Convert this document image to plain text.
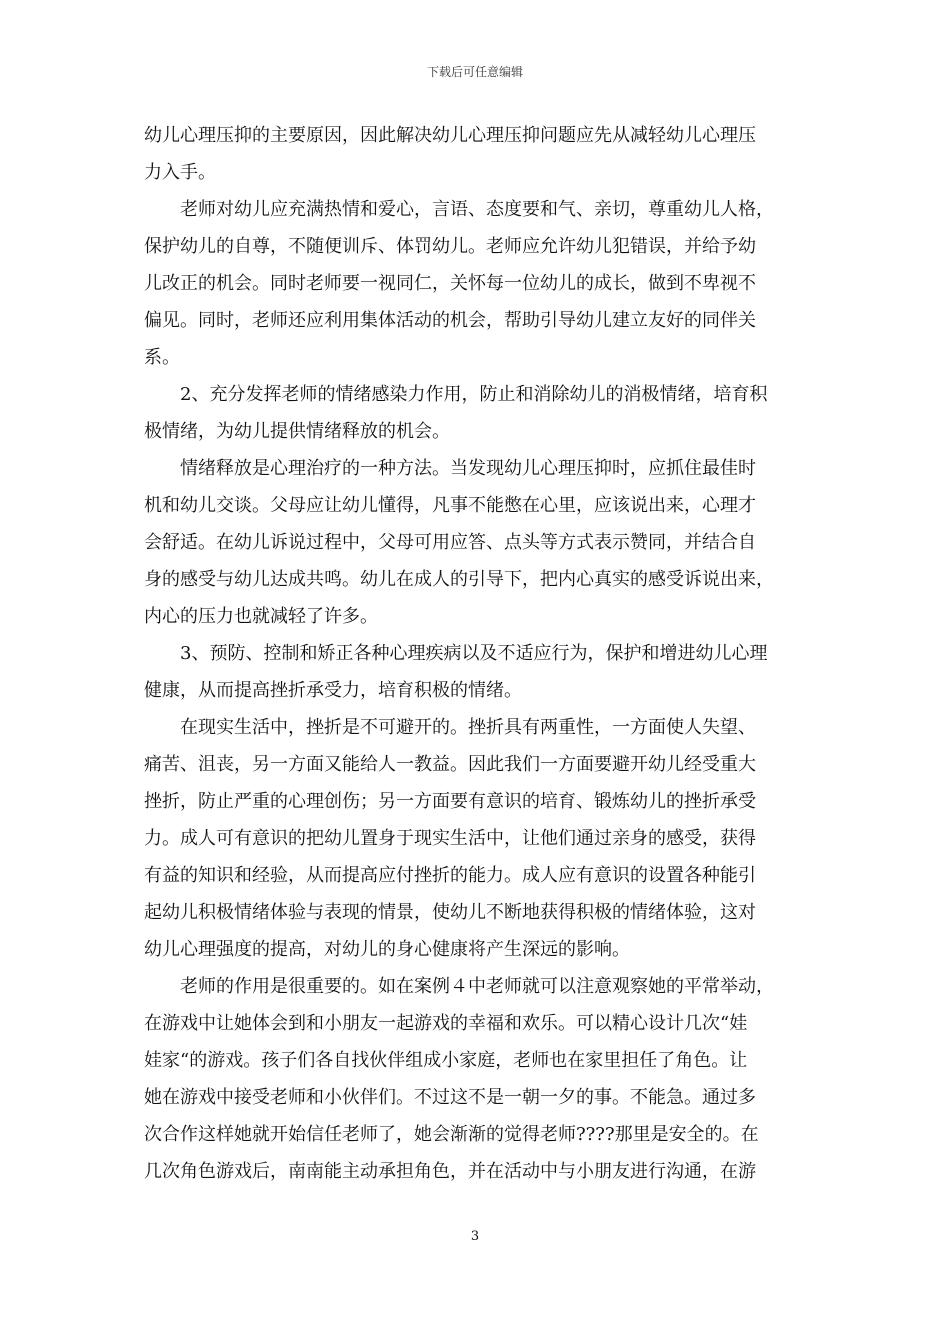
下载后可任意编辑

幼儿心理压抑的主要原因，因此解决幼儿心理压抑问题应先从减轻幼儿心理压
力入手。

　　老师对幼儿应充满热情和爱心，言语、态度要和气、亲切，尊重幼儿人格，
保护幼儿的自尊，不随便训斥、体罚幼儿。老师应允许幼儿犯错误，并给予幼
儿改正的机会。同时老师要一视同仁，关怀每一位幼儿的成长，做到不卑视不
偏见。同时，老师还应利用集体活动的机会，帮助引导幼儿建立友好的同伴关
系。

　　2、充分发挥老师的情绪感染力作用，防止和消除幼儿的消极情绪，培育积
极情绪，为幼儿提供情绪释放的机会。

　　情绪释放是心理治疗的一种方法。当发现幼儿心理压抑时，应抓住最佳时
机和幼儿交谈。父母应让幼儿懂得，凡事不能憋在心里，应该说出来，心理才
会舒适。在幼儿诉说过程中，父母可用应答、点头等方式表示赞同，并结合自
身的感受与幼儿达成共鸣。幼儿在成人的引导下，把内心真实的感受诉说出来，
内心的压力也就减轻了许多。

　　3、预防、控制和矫正各种心理疾病以及不适应行为，保护和增进幼儿心理
健康，从而提高挫折承受力，培育积极的情绪。

　　在现实生活中，挫折是不可避开的。挫折具有两重性，一方面使人失望、
痛苦、沮丧，另一方面又能给人一教益。因此我们一方面要避开幼儿经受重大
挫折，防止严重的心理创伤；另一方面要有意识的培育、锻炼幼儿的挫折承受
力。成人可有意识的把幼儿置身于现实生活中，让他们通过亲身的感受，获得
有益的知识和经验，从而提高应付挫折的能力。成人应有意识的设置各种能引
起幼儿积极情绪体验与表现的情景，使幼儿不断地获得积极的情绪体验，这对
幼儿心理强度的提高，对幼儿的身心健康将产生深远的影响。

　　老师的作用是很重要的。如在案例４中老师就可以注意观察她的平常举动，
在游戏中让她体会到和小朋友一起游戏的幸福和欢乐。可以精心设计几次“娃
娃家“的游戏。孩子们各自找伙伴组成小家庭，老师也在家里担任了角色。让
她在游戏中接受老师和小伙伴们。不过这不是一朝一夕的事。不能急。通过多
次合作这样她就开始信任老师了，她会渐渐的觉得老师????那里是安全的。在
几次角色游戏后，南南能主动承担角色，并在活动中与小朋友进行沟通，在游

3
